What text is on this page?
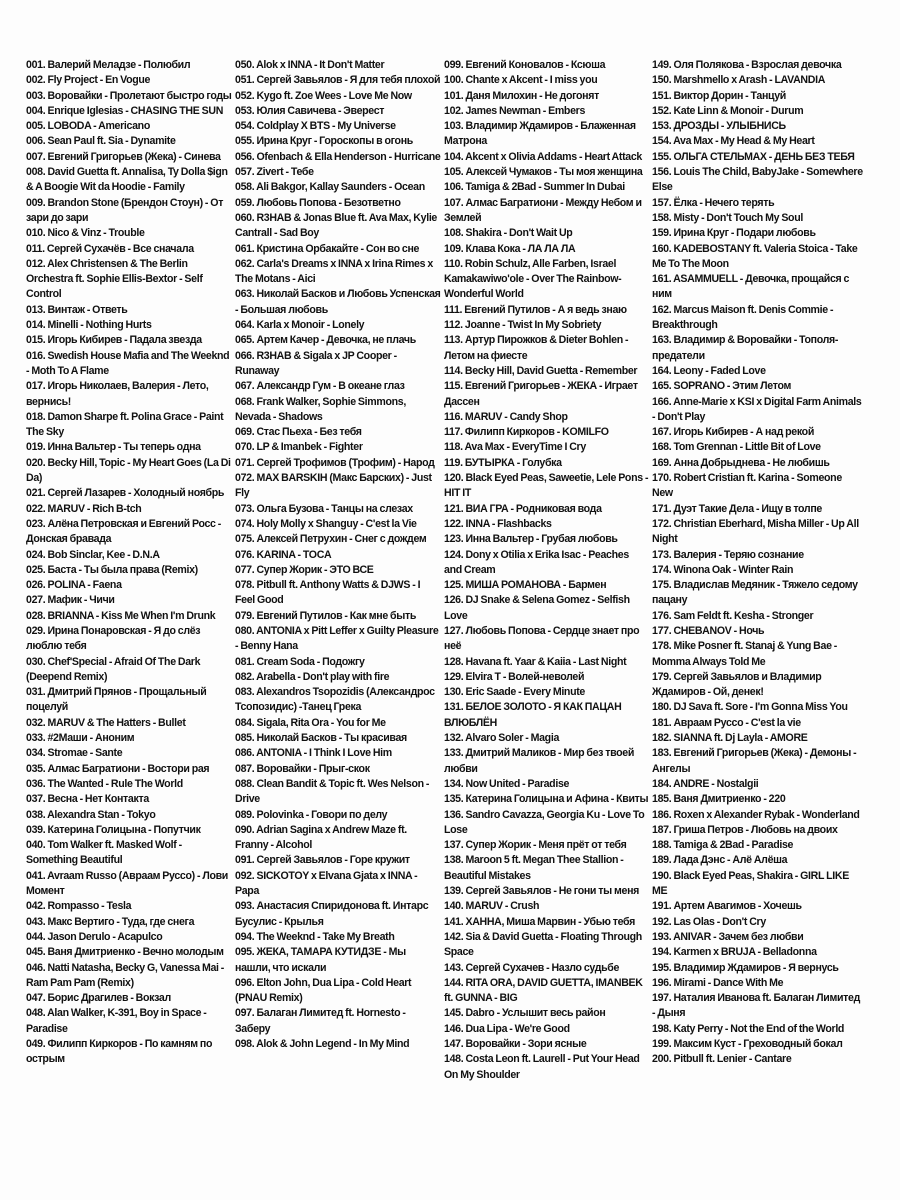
001. Валерий Меладзе - Полюбил
002. Fly Project - En Vogue
003. Воровайки - Пролетают быстро годы
004. Enrique Iglesias - CHASING THE SUN
005. LOBODA - Americano
006. Sean Paul ft. Sia - Dynamite
007. Евгений Григорьев (Жека) - Синева
008. David Guetta ft. Annalisa, Ty Dolla $ign & A Boogie Wit da Hoodie - Family
009. Brandon Stone (Брендон Стоун) - От зари до зари
010. Nico & Vinz - Trouble
011. Сергей Сухачёв - Все сначала
012. Alex Christensen & The Berlin Orchestra ft. Sophie Ellis-Bextor - Self Control
013. Винтаж - Ответь
014. Minelli - Nothing Hurts
015. Игорь Кибирев - Падала звезда
016. Swedish House Mafia and The Weeknd - Moth To A Flame
017. Игорь Николаев, Валерия - Лето, вернись!
018. Damon Sharpe ft. Polina Grace - Paint The Sky
019. Инна Вальтер - Ты теперь одна
020. Becky Hill, Topic - My Heart Goes (La Di Da)
021. Сергей Лазарев - Холодный ноябрь
022. MARUV - Rich B-tch
023. Алёна Петровская и Евгений Росс - Донская бравада
024. Bob Sinclar, Kee - D.N.A
025. Баста - Ты была права (Remix)
026. POLINA - Faena
027. Мафик - Чичи
028. BRIANNA - Kiss Me When I'm Drunk
029. Ирина Понаровская - Я до слёз люблю тебя
030. Chef'Special - Afraid Of The Dark (Deepend Remix)
031. Дмитрий Прянов - Прощальный поцелуй
032. MARUV & The Hatters - Bullet
033. #2Маши - Аноним
034. Stromae - Sante
035. Алмас Багратиони - Востори рая
036. The Wanted - Rule The World
037. Весна - Нет Контакта
038. Alexandra Stan - Tokyo
039. Катерина Голицына - Попутчик
040. Tom Walker ft. Masked Wolf - Something Beautiful
041. Avraam Russo (Авраам Руссо) - Лови Момент
042. Rompasso - Tesla
043. Макс Вертиго - Туда, где снега
044. Jason Derulo - Acapulco
045. Ваня Дмитриенко - Вечно молодым
046. Natti Natasha, Becky G, Vanessa Mai - Ram Pam Pam (Remix)
047. Борис Драгилев - Вокзал
048. Alan Walker, K-391, Boy in Space - Paradise
049. Филипп Киркоров - По камням по острым
050. Alok x INNA - It Don't Matter
051. Сергей Завьялов - Я для тебя плохой
052. Kygo ft. Zoe Wees - Love Me Now
053. Юлия Савичева - Эверест
054. Coldplay X BTS - My Universe
055. Ирина Круг - Гороскопы в огонь
056. Ofenbach & Ella Henderson - Hurricane
057. Zivert - Тебе
058. Ali Bakgor, Kallay Saunders - Ocean
059. Любовь Попова - Безответно
060. R3HAB & Jonas Blue ft. Ava Max, Kylie Cantrall - Sad Boy
061. Кристина Орбакайте - Сон во сне
062. Carla's Dreams x INNA x Irina Rimes x The Motans - Aici
063. Николай Басков и Любовь Успенская - Большая любовь
064. Karla x Monoir - Lonely
065. Артем Качер - Девочка, не плачь
066. R3HAB & Sigala x JP Cooper - Runaway
067. Александр Гум - В океане глаз
068. Frank Walker, Sophie Simmons, Nevada - Shadows
069. Стас Пьеха - Без тебя
070. LP & Imanbek - Fighter
071. Сергей Трофимов (Трофим) - Народ
072. MAX BARSKIH (Макс Барских) - Just Fly
073. Ольга Бузова - Танцы на слезах
074. Holy Molly x Shanguy - C'est la Vie
075. Алексей Петрухин - Снег с дождем
076. KARINA - TOCA
077. Супер Жорик - ЭТО ВСЕ
078. Pitbull ft. Anthony Watts & DJWS - I Feel Good
079. Евгений Путилов - Как мне быть
080. ANTONIA x Pitt Leffer x Guilty Pleasure - Benny Hana
081. Cream Soda - Подожгу
082. Arabella - Don't play with fire
083. Alexandros Tsopozidis (Александрос Тсопозидис) -Танец Грека
084. Sigala, Rita Ora - You for Me
085. Николай Басков - Ты красивая
086. ANTONIA - I Think I Love Him
087. Воровайки - Прыг-скок
088. Clean Bandit & Topic ft. Wes Nelson - Drive
089. Polovinka - Говори по делу
090. Adrian Sagina x Andrew Maze ft. Franny - Alcohol
091. Сергей Завьялов - Горе кружит
092. SICKOTOY x Elvana Gjata x INNA - Papa
093. Анастасия Спиридонова ft. Интарс Бусулис - Крылья
094. The Weeknd - Take My Breath
095. ЖЕКА, ТАМАРА КУТИДЗЕ - Мы нашли, что искали
096. Elton John, Dua Lipa - Cold Heart (PNAU Remix)
097. Балаган Лимитед ft. Hornesto - Заберу
098. Alok & John Legend - In My Mind
099. Евгений Коновалов - Ксюша
100. Chante x Akcent - I miss you
101. Даня Милохин - Не догонят
102. James Newman - Embers
103. Владимир Ждамиров - Блаженная Матрона
104. Akcent x Olivia Addams - Heart Attack
105. Алексей Чумаков - Ты моя женщина
106. Tamiga & 2Bad - Summer In Dubai
107. Алмас Багратиони - Между Небом и Землей
108. Shakira - Don't Wait Up
109. Клава Кока - ЛА ЛА ЛА
110. Robin Schulz, Alle Farben, Israel Kamakawiwo'ole - Over The Rainbow-Wonderful World
111. Евгений Путилов - А я ведь знаю
112. Joanne - Twist In My Sobriety
113. Артур Пирожков & Dieter Bohlen - Летом на фиесте
114. Becky Hill, David Guetta - Remember
115. Евгений Григорьев - ЖЕКА - Играет Дассен
116. MARUV - Candy Shop
117. Филипп Киркоров - KOMILFO
118. Ava Max - EveryTime I Cry
119. БУТЫРКА - Голубка
120. Black Eyed Peas, Saweetie, Lele Pons - HIT IT
121. ВИА ГРА - Родниковая вода
122. INNA - Flashbacks
123. Инна Вальтер - Грубая любовь
124. Dony x Otilia x Erika Isac - Peaches and Cream
125. МИША РОМАНОВА - Бармен
126. DJ Snake & Selena Gomez - Selfish Love
127. Любовь Попова - Сердце знает про неё
128. Havana ft. Yaar & Kaiia - Last Night
129. Elvira T - Волей-неволей
130. Eric Saade - Every Minute
131. БЕЛОЕ ЗОЛОТО - Я КАК ПАЦАН ВЛЮБЛЁН
132. Alvaro Soler - Magia
133. Дмитрий Маликов - Мир без твоей любви
134. Now United - Paradise
135. Катерина Голицына и Афина - Квиты
136. Sandro Cavazza, Georgia Ku - Love To Lose
137. Супер Жорик - Меня прёт от тебя
138. Maroon 5 ft. Megan Thee Stallion - Beautiful Mistakes
139. Сергей Завьялов - Не гони ты меня
140. MARUV - Crush
141. ХАННА, Миша Марвин - Убью тебя
142. Sia & David Guetta - Floating Through Space
143. Сергей Сухачев - Назло судьбе
144. RITA ORA, DAVID GUETTA, IMANBEK ft. GUNNA - BIG
145. Dabro - Услышит весь район
146. Dua Lipa - We're Good
147. Воровайки - Зори ясные
148. Costa Leon ft. Laurell - Put Your Head On My Shoulder
149. Оля Полякова - Взрослая девочка
150. Marshmello x Arash - LAVANDIA
151. Виктор Дорин - Танцуй
152. Kate Linn & Monoir - Durum
153. ДРОЗДЫ - УЛЫБНИСЬ
154. Ava Max - My Head & My Heart
155. ОЛЬГА СТЕЛЬМАХ - ДЕНЬ БЕЗ ТЕБЯ
156. Louis The Child, BabyJake - Somewhere Else
157. Ёлка - Нечего терять
158. Misty - Don't Touch My Soul
159. Ирина Круг - Подари любовь
160. KADEBOSTANY ft. Valeria Stoica - Take Me To The Moon
161. ASAMMUELL - Девочка, прощайся с ним
162. Marcus Maison ft. Denis Commie - Breakthrough
163. Владимир & Воровайки - Тополя-предатели
164. Leony - Faded Love
165. SOPRANO - Этим Летом
166. Anne-Marie x KSI x Digital Farm Animals - Don't Play
167. Игорь Кибирев - А над рекой
168. Tom Grennan - Little Bit of Love
169. Анна Добрыднева - Не любишь
170. Robert Cristian ft. Karina - Someone New
171. Дуэт Такие Дела - Ищу в толпе
172. Christian Eberhard, Misha Miller - Up All Night
173. Валерия - Теряю сознание
174. Winona Oak - Winter Rain
175. Владислав Медяник - Тяжело седому пацану
176. Sam Feldt ft. Kesha - Stronger
177. CHEBANOV - Ночь
178. Mike Posner ft. Stanaj & Yung Bae - Momma Always Told Me
179. Сергей Завьялов и Владимир Ждамиров - Ой, денек!
180. DJ Sava ft. Sore - I'm Gonna Miss You
181. Авраам Руссо - C'est la vie
182. SIANNA ft. Dj Layla - AMORE
183. Евгений Григорьев (Жека) - Демоны - Ангелы
184. ANDRE - Nostalgii
185. Ваня Дмитриенко - 220
186. Roxen x Alexander Rybak - Wonderland
187. Гриша Петров - Любовь на двоих
188. Tamiga & 2Bad - Paradise
189. Лада Дэнс - Алё Алёша
190. Black Eyed Peas, Shakira - GIRL LIKE ME
191. Артем Авагимов - Хочешь
192. Las Olas - Don't Cry
193. ANIVAR - Зачем без любви
194. Karmen x BRUJA - Belladonna
195. Владимир Ждамиров - Я вернусь
196. Mirami - Dance With Me
197. Наталия Иванова ft. Балаган Лимитед - Дыня
198. Katy Perry - Not the End of the World
199. Максим Куст - Греховодный бокал
200. Pitbull ft. Lenier - Cantare
